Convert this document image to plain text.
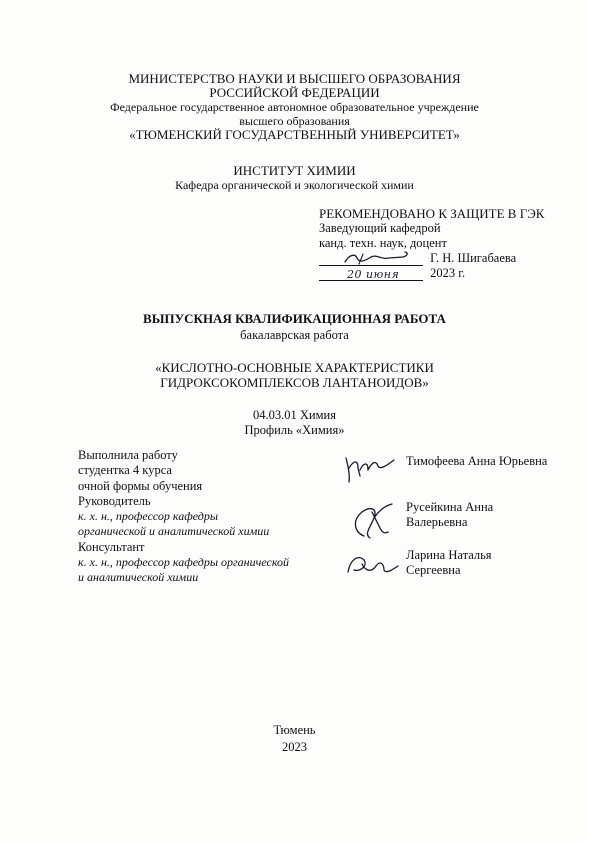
МИНИСТЕРСТВО НАУКИ И ВЫСШЕГО ОБРАЗОВАНИЯ
РОССИЙСКОЙ ФЕДЕРАЦИИ
Федеральное государственное автономное образовательное учреждение
высшего образования
«ТЮМЕНСКИЙ ГОСУДАРСТВЕННЫЙ УНИВЕРСИТЕТ»
ИНСТИТУТ ХИМИИ
Кафедра органической и экологической химии
РЕКОМЕНДОВАНО К ЗАЩИТЕ В ГЭК
Заведующий кафедрой
канд. техн. наук, доцент
Г. Н. Шигабаева
20 июня 2023 г.
ВЫПУСКНАЯ КВАЛИФИКАЦИОННАЯ РАБОТА
бакалаврская работа
«КИСЛОТНО-ОСНОВНЫЕ ХАРАКТЕРИСТИКИ
ГИДРОКСОКОМПЛЕКСОВ ЛАНТАНОИДОВ»
04.03.01 Химия
Профиль «Химия»
Выполнила работу
студентка 4 курса
очной формы обучения
Руководитель
к. х. н., профессор кафедры
органической и аналитической химии
Консультант
к. х. н., профессор кафедры органической
и аналитической химии
Тимофеева Анна Юрьевна
Русейкина Анна
Валерьевна
Ларина Наталья
Сергеевна
Тюмень
2023
